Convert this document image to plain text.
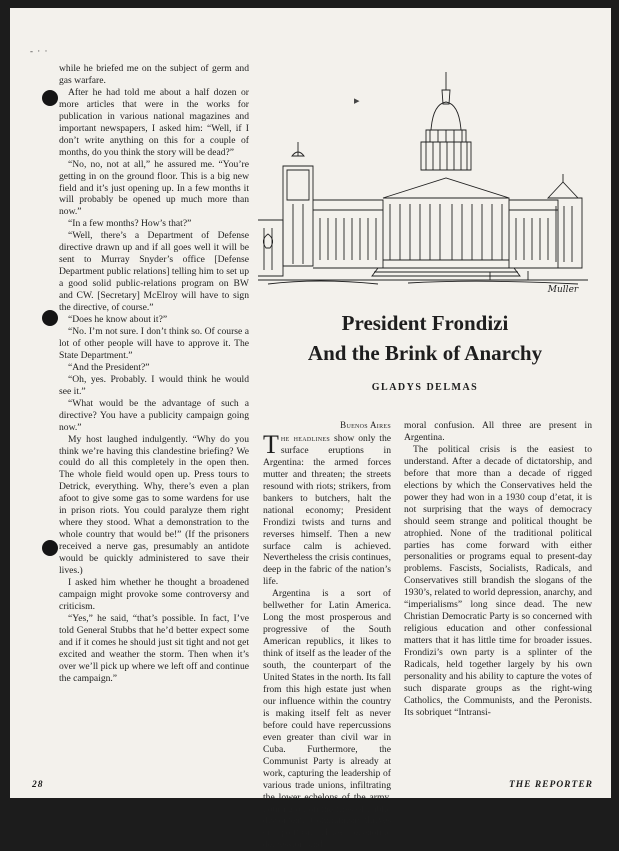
- · ·

while he briefed me on the subject of germ and gas warfare.

After he had told me about a half dozen or more articles that were in the works for publication in various national magazines and important newspapers, I asked him: “Well, if I don’t write anything on this for a couple of months, do you think the story will be dead?”

“No, no, not at all,” he assured me. “You’re getting in on the ground floor. This is a big new field and it’s just opening up. In a few months it will probably be opened up much more than now.”

“In a few months? How’s that?”

“Well, there’s a Department of Defense directive drawn up and if all goes well it will be sent to Murray Snyder’s office [Defense Department public relations] telling him to set up a good solid public-relations program on BW and CW. [Secretary] McElroy will have to sign the directive, of course.”

“Does he know about it?”

“No. I’m not sure. I don’t think so. Of course a lot of other people will have to approve it. The State Department.”

“And the President?”

“Oh, yes. Probably. I would think he would see it.”

“What would be the advantage of such a directive? You have a publicity campaign going now.”

My host laughed indulgently. “Why do you think we’re having this clandestine briefing? We could do all this completely in the open then. The whole field would open up. Press tours to Detrick, everything. Why, there’s even a plan afoot to give some gas to some wardens for use in prison riots. You could paralyze them right where they stood. What a demonstration to the whole country that would be!” (If the prisoners received a nerve gas, presumably an antidote would be quickly administered to save their lives.)

I asked him whether he thought a broadened campaign might provoke some controversy and criticism.

“Yes,” he said, “that’s possible. In fact, I’ve told General Stubbs that he’d better expect some and if it comes he should just sit tight and not get excited and weather the storm. Then when it’s over we’ll pick up where we left off and continue the campaign.”

Muller
▸
President Frondizi
And the Brink of Anarchy
GLADYS DELMAS
Buenos Aires

The headlines show only the surface eruptions in Argentina: the armed forces mutter and threaten; the streets resound with riots; strikers, from bankers to butchers, halt the national economy; President Frondizi twists and turns and reverses himself. Then a new surface calm is achieved. Nevertheless the crisis continues, deep in the fabric of the nation’s life.

Argentina is a sort of bellwether for Latin America. Long the most prosperous and progressive of the South American republics, it likes to think of itself as the leader of the south, the counterpart of the United States in the north. Its fall from this high estate just when our influence within the country is making itself felt as never before could have repercussions even greater than civil war in Cuba. Furthermore, the Communist Party is already at work, capturing the leadership of various trade unions, infiltrating the lower echelons of the army, pouring oil on the fires of public discontent. Communism thrives on political chaos, economic depression, and

moral confusion. All three are present in Argentina.

The political crisis is the easiest to understand. After a decade of dictatorship, and before that more than a decade of rigged elections by which the Conservatives held the power they had won in a 1930 coup d’etat, it is not surprising that the ways of democracy should seem strange and political thought be atrophied. None of the traditional political parties has come forward with either personalities or programs equal to present-day problems. Fascists, Socialists, Radicals, and Conservatives still brandish the slogans of the 1930’s, related to world depression, anarchy, and “imperialisms” long since dead. The new Christian Democratic Party is so concerned with religious education and other confessional matters that it has little time for broader issues. Frondizi’s own party is a splinter of the Radicals, held together largely by his own personality and his ability to capture the votes of such disparate groups as the right-wing Catholics, the Communists, and the Peronists. Its sobriquet “Intransi-

28	THE REPORTER
